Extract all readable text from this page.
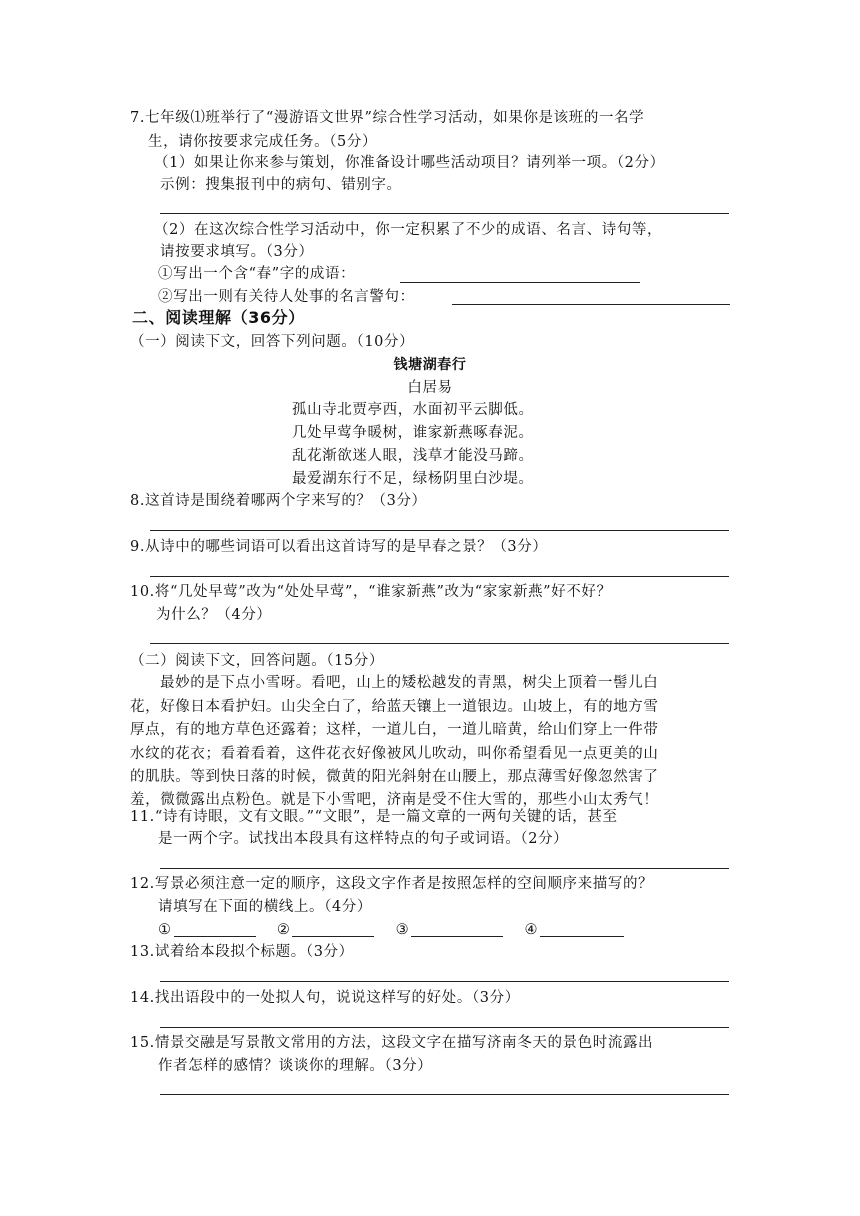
7.七年级⑴班举行了“漫游语文世界”综合性学习活动，如果你是该班的一名学
生，请你按要求完成任务。（5分）
（1）如果让你来参与策划，你准备设计哪些活动项目？请列举一项。（2分）
示例：搜集报刊中的病句、错别字。
（2）在这次综合性学习活动中，你一定积累了不少的成语、名言、诗句等，
请按要求填写。（3分）
①写出一个含“春”字的成语：
②写出一则有关待人处事的名言警句：
二、阅读理解（36分）
（一）阅读下文，回答下列问题。（10分）
钱塘湖春行
白居易
孤山寺北贾亭西，水面初平云脚低。
几处早莺争暖树，谁家新燕啄春泥。
乱花渐欲迷人眼，浅草才能没马蹄。
最爱湖东行不足，绿杨阴里白沙堤。
8.这首诗是围绕着哪两个字来写的？（3分）
9.从诗中的哪些词语可以看出这首诗写的是早春之景？（3分）
10.将“几处早莺”改为“处处早莺”，“谁家新燕”改为“家家新燕”好不好？
为什么？（4分）
（二）阅读下文，回答问题。（15分）
最妙的是下点小雪呀。看吧，山上的矮松越发的青黑，树尖上顶着一髻儿白
花，好像日本看护妇。山尖全白了，给蓝天镶上一道银边。山坡上，有的地方雪
厚点，有的地方草色还露着；这样，一道儿白，一道儿暗黄，给山们穿上一件带
水纹的花衣；看着看着，这件花衣好像被风儿吹动，叫你希望看见一点更美的山
的肌肤。等到快日落的时候，微黄的阳光斜射在山腰上，那点薄雪好像忽然害了
羞，微微露出点粉色。就是下小雪吧，济南是受不住大雪的，那些小山太秀气！
11.“诗有诗眼，文有文眼。”“文眼”，是一篇文章的一两句关键的话，甚至
是一两个字。试找出本段具有这样特点的句子或词语。（2分）
12.写景必须注意一定的顺序，这段文字作者是按照怎样的空间顺序来描写的？
请填写在下面的横线上。（4分）
①	②	③	④
13.试着给本段拟个标题。（3分）
14.找出语段中的一处拟人句，说说这样写的好处。（3分）
15.情景交融是写景散文常用的方法，这段文字在描写济南冬天的景色时流露出
作者怎样的感情？谈谈你的理解。（3分）
